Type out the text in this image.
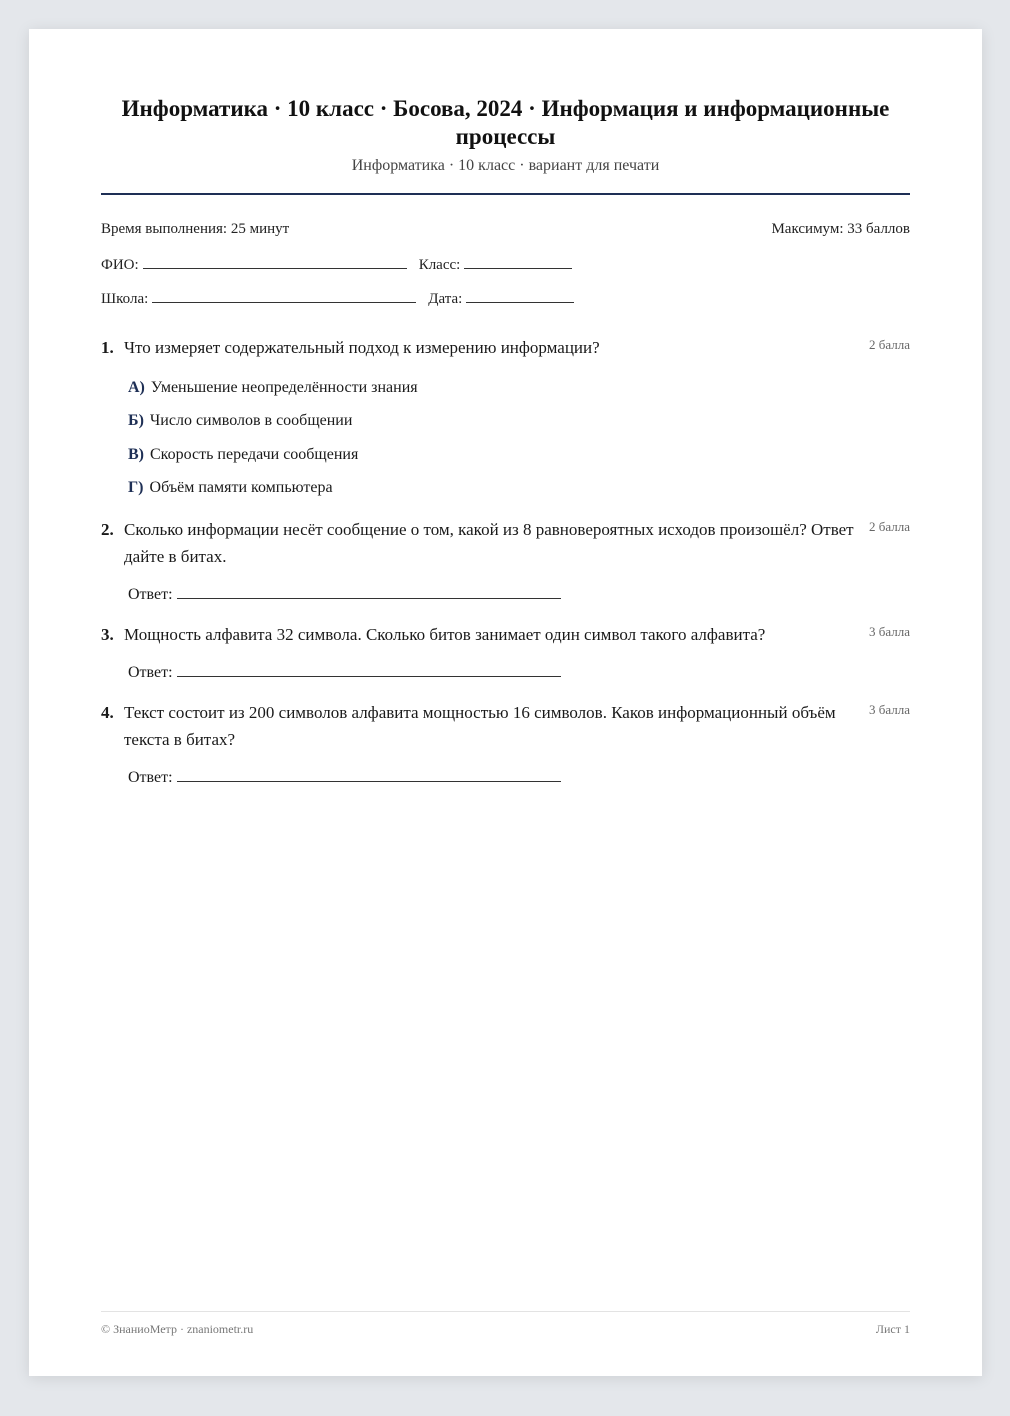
Информатика · 10 класс · Босова, 2024 · Информация и информационные процессы
Информатика · 10 класс · вариант для печати
Время выполнения: 25 минут	Максимум: 33 баллов
ФИО:	Класс:
Школа:	Дата:
1. Что измеряет содержательный подход к измерению информации?	2 балла
А) Уменьшение неопределённости знания
Б) Число символов в сообщении
В) Скорость передачи сообщения
Г) Объём памяти компьютера
2. Сколько информации несёт сообщение о том, какой из 8 равновероятных исходов произошёл? Ответ дайте в битах.
2 балла
Ответ:
3. Мощность алфавита 32 символа. Сколько битов занимает один символ такого алфавита?	3 балла
Ответ:
4. Текст состоит из 200 символов алфавита мощностью 16 символов. Каков информационный объём текста в битах?
3 балла
Ответ:
© ЗнаниоМетр · znaniometr.ru	Лист 1
